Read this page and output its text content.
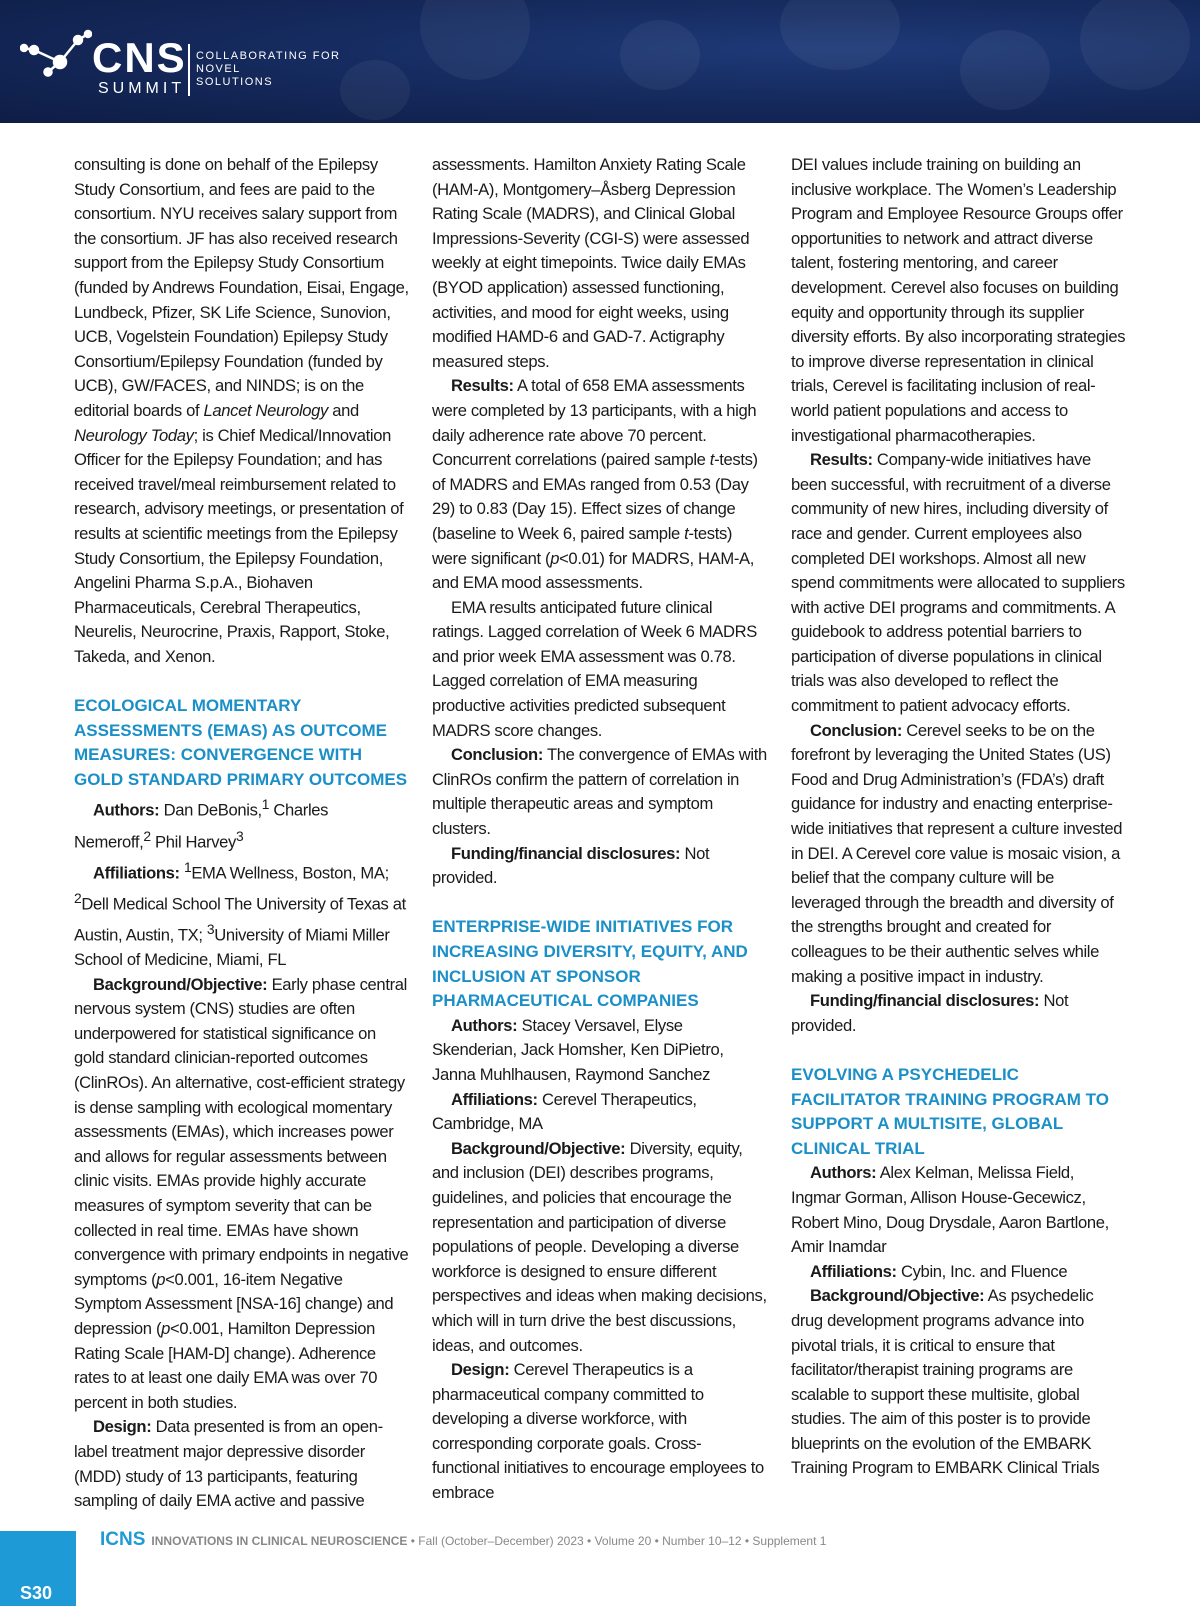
CNS
SUMMIT
COLLABORATING FOR
NOVEL
SOLUTIONS

consulting is done on behalf of the Epilepsy Study Consortium, and fees are paid to the consortium. NYU receives salary support from the consortium. JF has also received research support from the Epilepsy Study Consortium (funded by Andrews Foundation, Eisai, Engage, Lundbeck, Pfizer, SK Life Science, Sunovion, UCB, Vogelstein Foundation) Epilepsy Study Consortium/Epilepsy Foundation (funded by UCB), GW/FACES, and NINDS; is on the editorial boards of Lancet Neurology and Neurology Today; is Chief Medical/Innovation Officer for the Epilepsy Foundation; and has received travel/meal reimbursement related to research, advisory meetings, or presentation of results at scientific meetings from the Epilepsy Study Consortium, the Epilepsy Foundation, Angelini Pharma S.p.A., Biohaven Pharmaceuticals, Cerebral Therapeutics, Neurelis, Neurocrine, Praxis, Rapport, Stoke, Takeda, and Xenon.

ECOLOGICAL MOMENTARY ASSESSMENTS (EMAS) AS OUTCOME MEASURES: CONVERGENCE WITH GOLD STANDARD PRIMARY OUTCOMES

Authors: Dan DeBonis,$^1$ Charles Nemeroff,$^2$ Phil Harvey$^3$

Affiliations: $^1$EMA Wellness, Boston, MA; $^2$Dell Medical School The University of Texas at Austin, Austin, TX; $^3$University of Miami Miller School of Medicine, Miami, FL

Background/Objective: Early phase central nervous system (CNS) studies are often underpowered for statistical significance on gold standard clinician-reported outcomes (ClinROs). An alternative, cost-efficient strategy is dense sampling with ecological momentary assessments (EMAs), which increases power and allows for regular assessments between clinic visits. EMAs provide highly accurate measures of symptom severity that can be collected in real time. EMAs have shown convergence with primary endpoints in negative symptoms (p<0.001, 16-item Negative Symptom Assessment [NSA-16] change) and depression (p<0.001, Hamilton Depression Rating Scale [HAM-D] change). Adherence rates to at least one daily EMA was over 70 percent in both studies.

Design: Data presented is from an open-label treatment major depressive disorder (MDD) study of 13 participants, featuring sampling of daily EMA active and passive

assessments. Hamilton Anxiety Rating Scale (HAM-A), Montgomery–Åsberg Depression Rating Scale (MADRS), and Clinical Global Impressions-Severity (CGI-S) were assessed weekly at eight timepoints. Twice daily EMAs (BYOD application) assessed functioning, activities, and mood for eight weeks, using modified HAMD-6 and GAD-7. Actigraphy measured steps.

Results: A total of 658 EMA assessments were completed by 13 participants, with a high daily adherence rate above 70 percent. Concurrent correlations (paired sample t-tests) of MADRS and EMAs ranged from 0.53 (Day 29) to 0.83 (Day 15). Effect sizes of change (baseline to Week 6, paired sample t-tests) were significant (p<0.01) for MADRS, HAM-A, and EMA mood assessments.

EMA results anticipated future clinical ratings. Lagged correlation of Week 6 MADRS and prior week EMA assessment was 0.78. Lagged correlation of EMA measuring productive activities predicted subsequent MADRS score changes.

Conclusion: The convergence of EMAs with ClinROs confirm the pattern of correlation in multiple therapeutic areas and symptom clusters.

Funding/financial disclosures: Not provided.

ENTERPRISE-WIDE INITIATIVES FOR INCREASING DIVERSITY, EQUITY, AND INCLUSION AT SPONSOR PHARMACEUTICAL COMPANIES

Authors: Stacey Versavel, Elyse Skenderian, Jack Homsher, Ken DiPietro, Janna Muhlhausen, Raymond Sanchez

Affiliations: Cerevel Therapeutics, Cambridge, MA

Background/Objective: Diversity, equity, and inclusion (DEI) describes programs, guidelines, and policies that encourage the representation and participation of diverse populations of people. Developing a diverse workforce is designed to ensure different perspectives and ideas when making decisions, which will in turn drive the best discussions, ideas, and outcomes.

Design: Cerevel Therapeutics is a pharmaceutical company committed to developing a diverse workforce, with corresponding corporate goals. Cross-functional initiatives to encourage employees to embrace

DEI values include training on building an inclusive workplace. The Women’s Leadership Program and Employee Resource Groups offer opportunities to network and attract diverse talent, fostering mentoring, and career development. Cerevel also focuses on building equity and opportunity through its supplier diversity efforts. By also incorporating strategies to improve diverse representation in clinical trials, Cerevel is facilitating inclusion of real-world patient populations and access to investigational pharmacotherapies.

Results: Company-wide initiatives have been successful, with recruitment of a diverse community of new hires, including diversity of race and gender. Current employees also completed DEI workshops. Almost all new spend commitments were allocated to suppliers with active DEI programs and commitments. A guidebook to address potential barriers to participation of diverse populations in clinical trials was also developed to reflect the commitment to patient advocacy efforts.

Conclusion: Cerevel seeks to be on the forefront by leveraging the United States (US) Food and Drug Administration’s (FDA’s) draft guidance for industry and enacting enterprise-wide initiatives that represent a culture invested in DEI. A Cerevel core value is mosaic vision, a belief that the company culture will be leveraged through the breadth and diversity of the strengths brought and created for colleagues to be their authentic selves while making a positive impact in industry.

Funding/financial disclosures: Not provided.

EVOLVING A PSYCHEDELIC FACILITATOR TRAINING PROGRAM TO SUPPORT A MULTISITE, GLOBAL CLINICAL TRIAL

Authors: Alex Kelman, Melissa Field, Ingmar Gorman, Allison House-Gecewicz, Robert Mino, Doug Drysdale, Aaron Bartlone, Amir Inamdar

Affiliations: Cybin, Inc. and Fluence

Background/Objective: As psychedelic drug development programs advance into pivotal trials, it is critical to ensure that facilitator/therapist training programs are scalable to support these multisite, global studies. The aim of this poster is to provide blueprints on the evolution of the EMBARK Training Program to EMBARK Clinical Trials

S30
ICNS INNOVATIONS IN CLINICAL NEUROSCIENCE • Fall (October–December) 2023 • Volume 20 • Number 10–12 • Supplement 1
